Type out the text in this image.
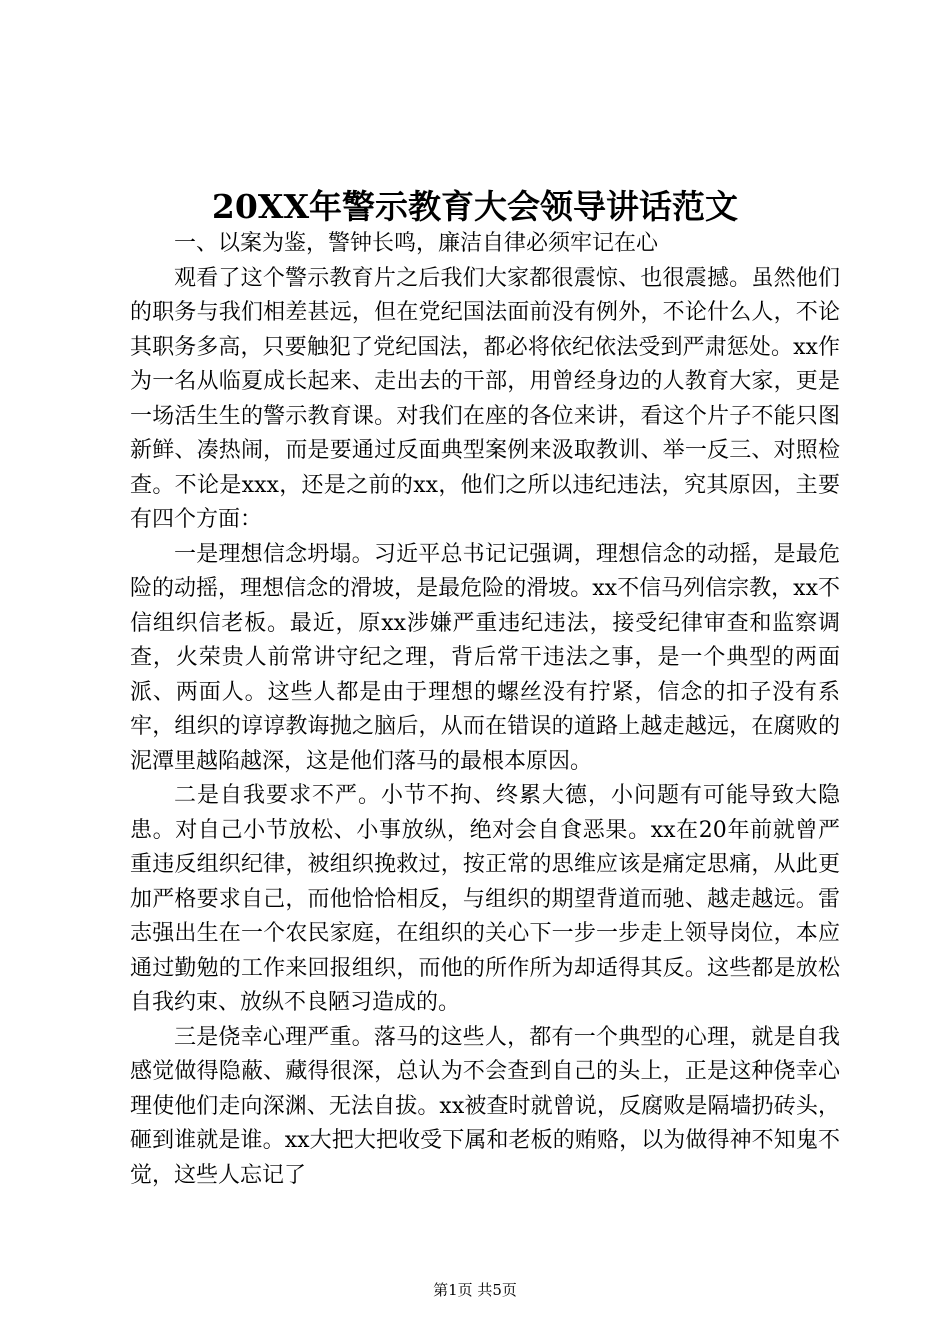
20XX年警示教育大会领导讲话范文

一、以案为鉴，警钟长鸣，廉洁自律必须牢记在心

观看了这个警示教育片之后我们大家都很震惊、也很震撼。虽然他们的职务与我们相差甚远，但在党纪国法面前没有例外，不论什么人，不论其职务多高，只要触犯了党纪国法，都必将依纪依法受到严肃惩处。xx作为一名从临夏成长起来、走出去的干部，用曾经身边的人教育大家，更是一场活生生的警示教育课。对我们在座的各位来讲，看这个片子不能只图新鲜、凑热闹，而是要通过反面典型案例来汲取教训、举一反三、对照检查。不论是xxx，还是之前的xx，他们之所以违纪违法，究其原因，主要有四个方面：

一是理想信念坍塌。习近平总书记记强调，理想信念的动摇，是最危险的动摇，理想信念的滑坡，是最危险的滑坡。xx不信马列信宗教，xx不信组织信老板。最近，原xx涉嫌严重违纪违法，接受纪律审查和监察调查，火荣贵人前常讲守纪之理，背后常干违法之事，是一个典型的两面派、两面人。这些人都是由于理想的螺丝没有拧紧，信念的扣子没有系牢，组织的谆谆教诲抛之脑后，从而在错误的道路上越走越远，在腐败的泥潭里越陷越深，这是他们落马的最根本原因。

二是自我要求不严。小节不拘、终累大德，小问题有可能导致大隐患。对自己小节放松、小事放纵，绝对会自食恶果。xx在20年前就曾严重违反组织纪律，被组织挽救过，按正常的思维应该是痛定思痛，从此更加严格要求自己，而他恰恰相反，与组织的期望背道而驰、越走越远。雷志强出生在一个农民家庭，在组织的关心下一步一步走上领导岗位，本应通过勤勉的工作来回报组织，而他的所作所为却适得其反。这些都是放松自我约束、放纵不良陋习造成的。

三是侥幸心理严重。落马的这些人，都有一个典型的心理，就是自我感觉做得隐蔽、藏得很深，总认为不会查到自己的头上，正是这种侥幸心理使他们走向深渊、无法自拔。xx被查时就曾说，反腐败是隔墙扔砖头，砸到谁就是谁。xx大把大把收受下属和老板的贿赂，以为做得神不知鬼不觉，这些人忘记了

第1页 共5页
